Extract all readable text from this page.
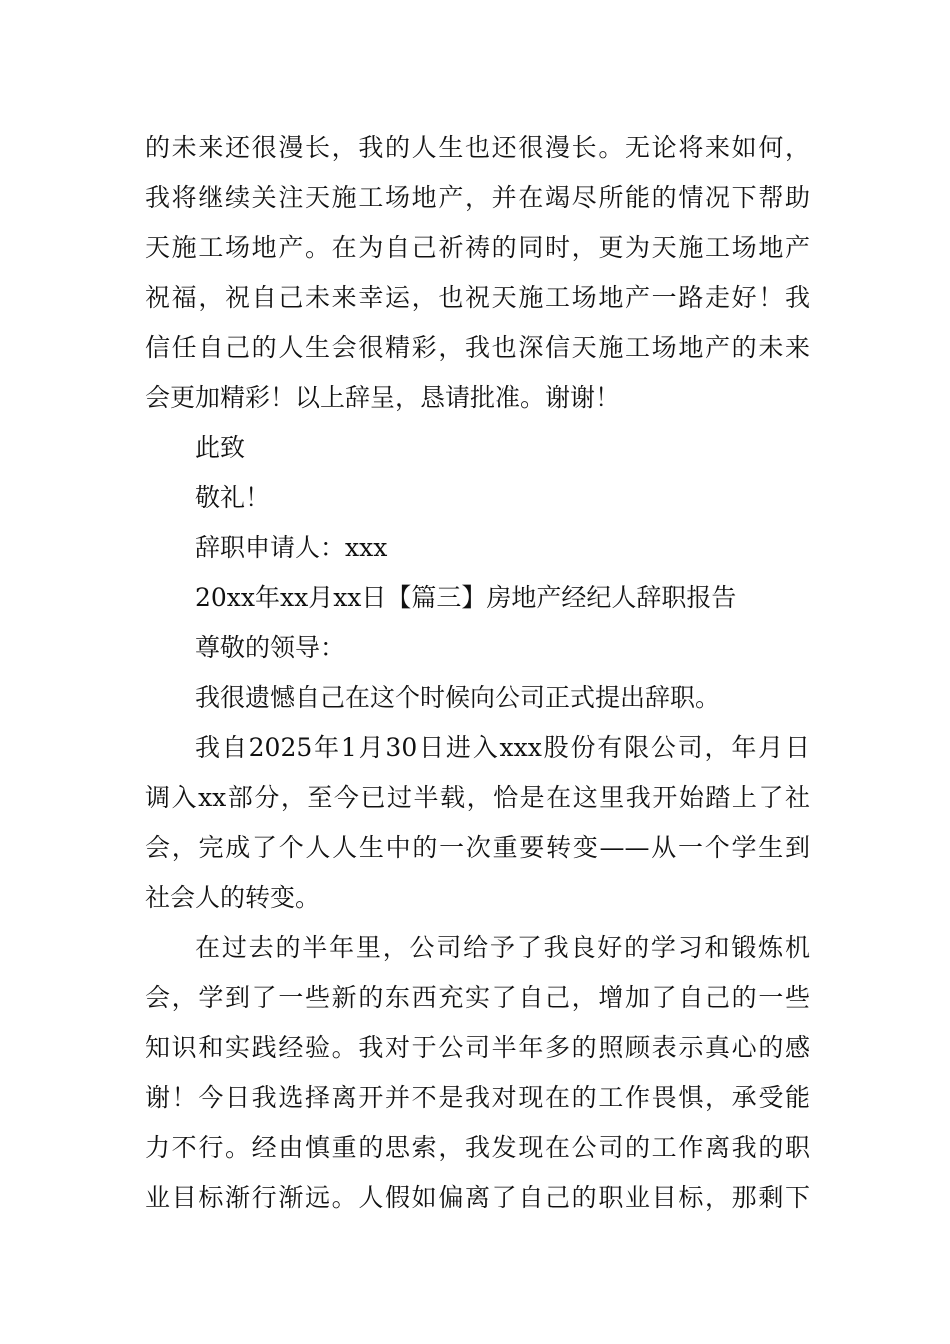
的未来还很漫长，我的人生也还很漫长。无论将来如何，
我将继续关注天施工场地产，并在竭尽所能的情况下帮助
天施工场地产。在为自己祈祷的同时，更为天施工场地产
祝福，祝自己未来幸运，也祝天施工场地产一路走好！我
信任自己的人生会很精彩，我也深信天施工场地产的未来
会更加精彩！以上辞呈，恳请批准。谢谢！
此致
敬礼！
辞职申请人：xxx
20xx年xx月xx日【篇三】房地产经纪人辞职报告
尊敬的领导：
我很遗憾自己在这个时候向公司正式提出辞职。
我自2025年1月30日进入xxx股份有限公司，年月日
调入xx部分，至今已过半载，恰是在这里我开始踏上了社
会，完成了个人人生中的一次重要转变——从一个学生到
社会人的转变。
在过去的半年里，公司给予了我良好的学习和锻炼机
会，学到了一些新的东西充实了自己，增加了自己的一些
知识和实践经验。我对于公司半年多的照顾表示真心的感
谢！今日我选择离开并不是我对现在的工作畏惧，承受能
力不行。经由慎重的思索，我发现在公司的工作离我的职
业目标渐行渐远。人假如偏离了自己的职业目标，那剩下
